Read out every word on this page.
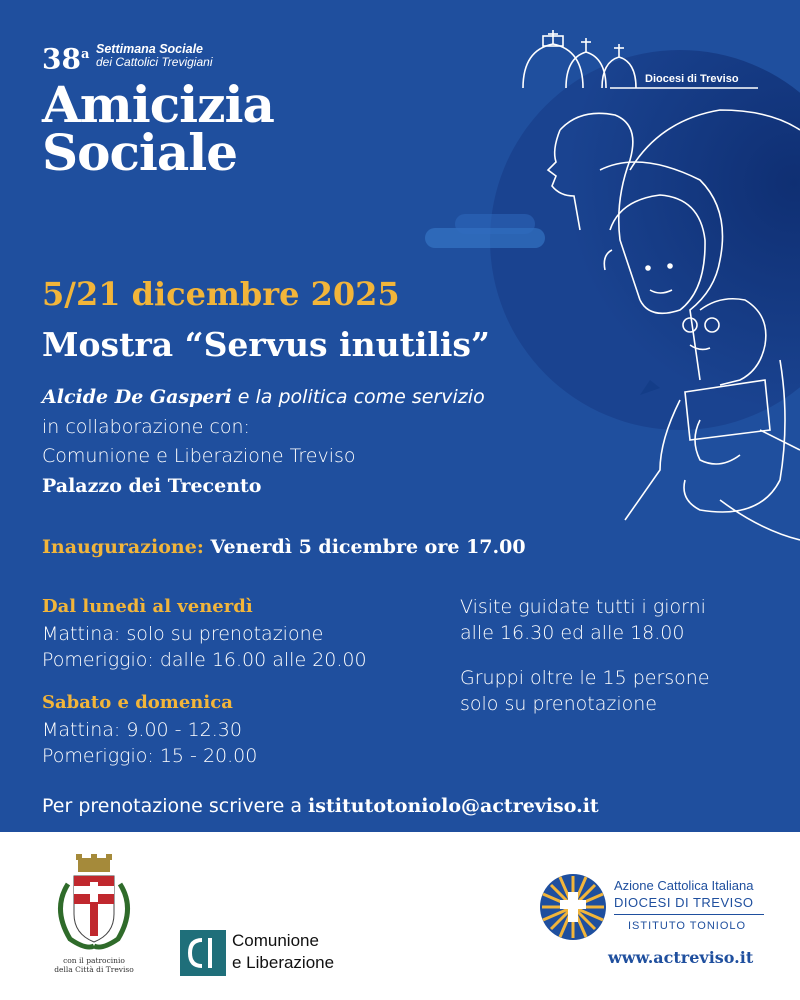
38$^a$ Settimana Sociale
dei Cattolici Trevigiani
Amicizia
Sociale
Diocesi di Treviso
5/21 dicembre 2025
Mostra “Servus inutilis”
Alcide De Gasperi e la politica come servizio
in collaborazione con:
Comunione e Liberazione Treviso
Palazzo dei Trecento
Inaugurazione: Venerdì 5 dicembre ore 17.00
Dal lunedì al venerdì
Mattina: solo su prenotazione
Pomeriggio: dalle 16.00 alle 20.00
Sabato e domenica
Mattina: 9.00 - 12.30
Pomeriggio: 15 - 20.00
Visite guidate tutti i giorni
alle 16.30 ed alle 18.00
Gruppi oltre le 15 persone
solo su prenotazione
Per prenotazione scrivere a istitutotoniolo@actreviso.it
con il patrocinio
della Città di Treviso
Comunione
e Liberazione
Azione Cattolica Italiana
DIOCESI DI TREVISO
ISTITUTO TONIOLO
www.actreviso.it
